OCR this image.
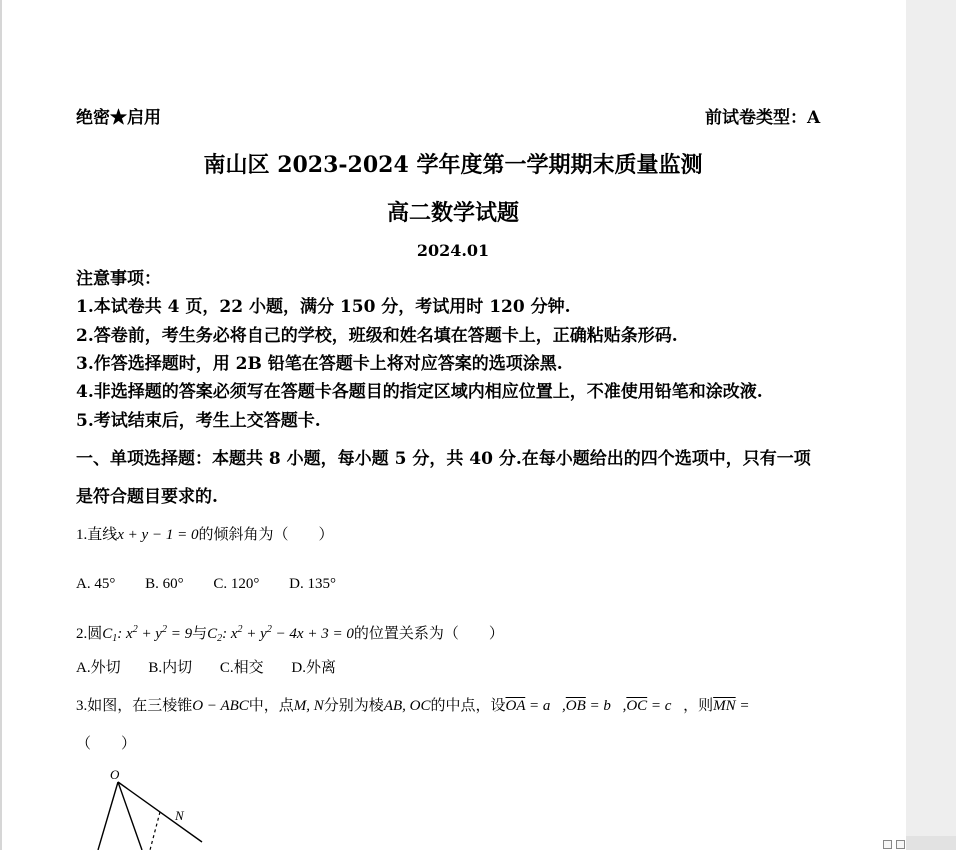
绝密★启用	前试卷类型：A
南山区 2023-2024 学年度第一学期期末质量监测
高二数学试题
2024.01
注意事项：
1.本试卷共 4 页，22 小题，满分 150 分，考试用时 120 分钟.
2.答卷前，考生务必将自己的学校，班级和姓名填在答题卡上，正确粘贴条形码.
3.作答选择题时，用 2B 铅笔在答题卡上将对应答案的选项涂黑.
4.非选择题的答案必须写在答题卡各题目的指定区域内相应位置上，不准使用铅笔和涂改液.
5.考试结束后，考生上交答题卡.
一、单项选择题：本题共 8 小题，每小题 5 分，共 40 分.在每小题给出的四个选项中，只有一项
是符合题目要求的.
1.直线x + y − 1 = 0的倾斜角为（　　）
A. 45° B. 60° C. 120° D. 135°
2.圆$C_1$: $x^2 + y^2 = 9$与$C_2$: $x^2 + y^2 - 4x + 3 = 0$的位置关系为（　　）
A.外切 B.内切 C.相交 D.外离
3.如图，在三棱锥O − ABC中，点M, N分别为棱AB, OC的中点，设$\overline{OA}$ = $a⃗,\overline{OB}$ = $b⃗,\overline{OC}$ = c⃗，则$\overline{MN}$ =
（　　）
O
N
